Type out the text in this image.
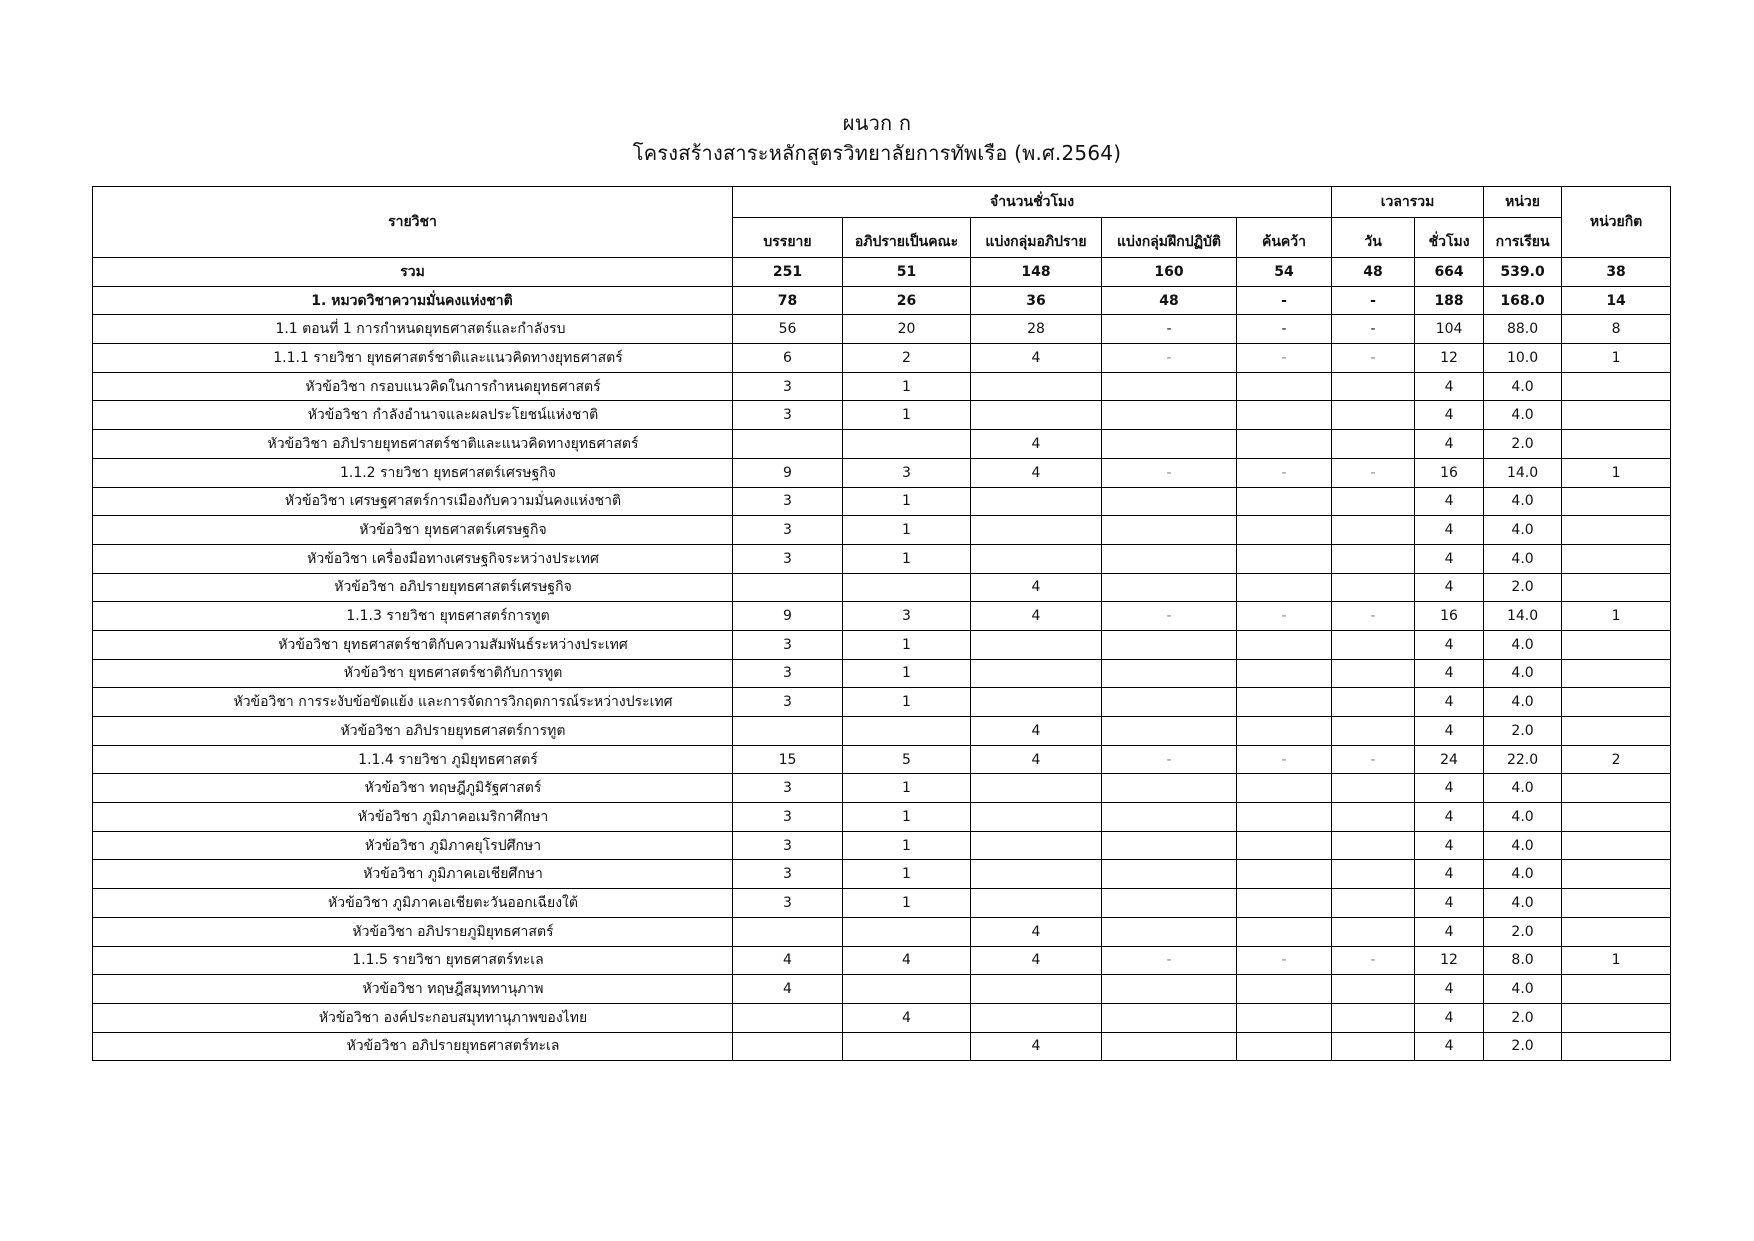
ผนวก ก
โครงสร้างสาระหลักสูตรวิทยาลัยการทัพเรือ (พ.ศ.2564)
รายวิชา	จำนวนชั่วโมง					เวลารวม		หน่วย	หน่วยกิต
	บรรยาย	อภิปรายเป็นคณะ	แบ่งกลุ่มอภิปราย	แบ่งกลุ่มฝึกปฏิบัติ	ค้นคว้า	วัน	ชั่วโมง	การเรียน	
รวม	251	51	148	160	54	48	664	539.0	38
1. หมวดวิชาความมั่นคงแห่งชาติ	78	26	36	48	-	-	188	168.0	14
1.1 ตอนที่ 1 การกำหนดยุทธศาสตร์และกำลังรบ	56	20	28	-	-	-	104	88.0	8
1.1.1 รายวิชา ยุทธศาสตร์ชาติและแนวคิดทางยุทธศาสตร์	6	2	4	-	-	-	12	10.0	1
หัวข้อวิชา กรอบแนวคิดในการกำหนดยุทธศาสตร์	3	1					4	4.0	
หัวข้อวิชา กำลังอำนาจและผลประโยชน์แห่งชาติ	3	1					4	4.0	
หัวข้อวิชา อภิปรายยุทธศาสตร์ชาติและแนวคิดทางยุทธศาสตร์			4				4	2.0	
1.1.2 รายวิชา ยุทธศาสตร์เศรษฐกิจ	9	3	4	-	-	-	16	14.0	1
หัวข้อวิชา เศรษฐศาสตร์การเมืองกับความมั่นคงแห่งชาติ	3	1					4	4.0	
หัวข้อวิชา ยุทธศาสตร์เศรษฐกิจ	3	1					4	4.0	
หัวข้อวิชา เครื่องมือทางเศรษฐกิจระหว่างประเทศ	3	1					4	4.0	
หัวข้อวิชา อภิปรายยุทธศาสตร์เศรษฐกิจ			4				4	2.0	
1.1.3 รายวิชา ยุทธศาสตร์การทูต	9	3	4	-	-	-	16	14.0	1
หัวข้อวิชา ยุทธศาสตร์ชาติกับความสัมพันธ์ระหว่างประเทศ	3	1					4	4.0	
หัวข้อวิชา ยุทธศาสตร์ชาติกับการทูต	3	1					4	4.0	
หัวข้อวิชา การระงับข้อขัดแย้ง และการจัดการวิกฤตการณ์ระหว่างประเทศ	3	1					4	4.0	
หัวข้อวิชา อภิปรายยุทธศาสตร์การทูต			4				4	2.0	
1.1.4 รายวิชา ภูมิยุทธศาสตร์	15	5	4	-	-	-	24	22.0	2
หัวข้อวิชา ทฤษฎีภูมิรัฐศาสตร์	3	1					4	4.0	
หัวข้อวิชา ภูมิภาคอเมริกาศึกษา	3	1					4	4.0	
หัวข้อวิชา ภูมิภาคยุโรปศึกษา	3	1					4	4.0	
หัวข้อวิชา ภูมิภาคเอเชียศึกษา	3	1					4	4.0	
หัวข้อวิชา ภูมิภาคเอเชียตะวันออกเฉียงใต้	3	1					4	4.0	
หัวข้อวิชา อภิปรายภูมิยุทธศาสตร์			4				4	2.0	
1.1.5 รายวิชา ยุทธศาสตร์ทะเล	4	4	4	-	-	-	12	8.0	1
หัวข้อวิชา ทฤษฎีสมุททานุภาพ	4						4	4.0	
หัวข้อวิชา องค์ประกอบสมุททานุภาพของไทย		4					4	2.0	
หัวข้อวิชา อภิปรายยุทธศาสตร์ทะเล			4				4	2.0	
